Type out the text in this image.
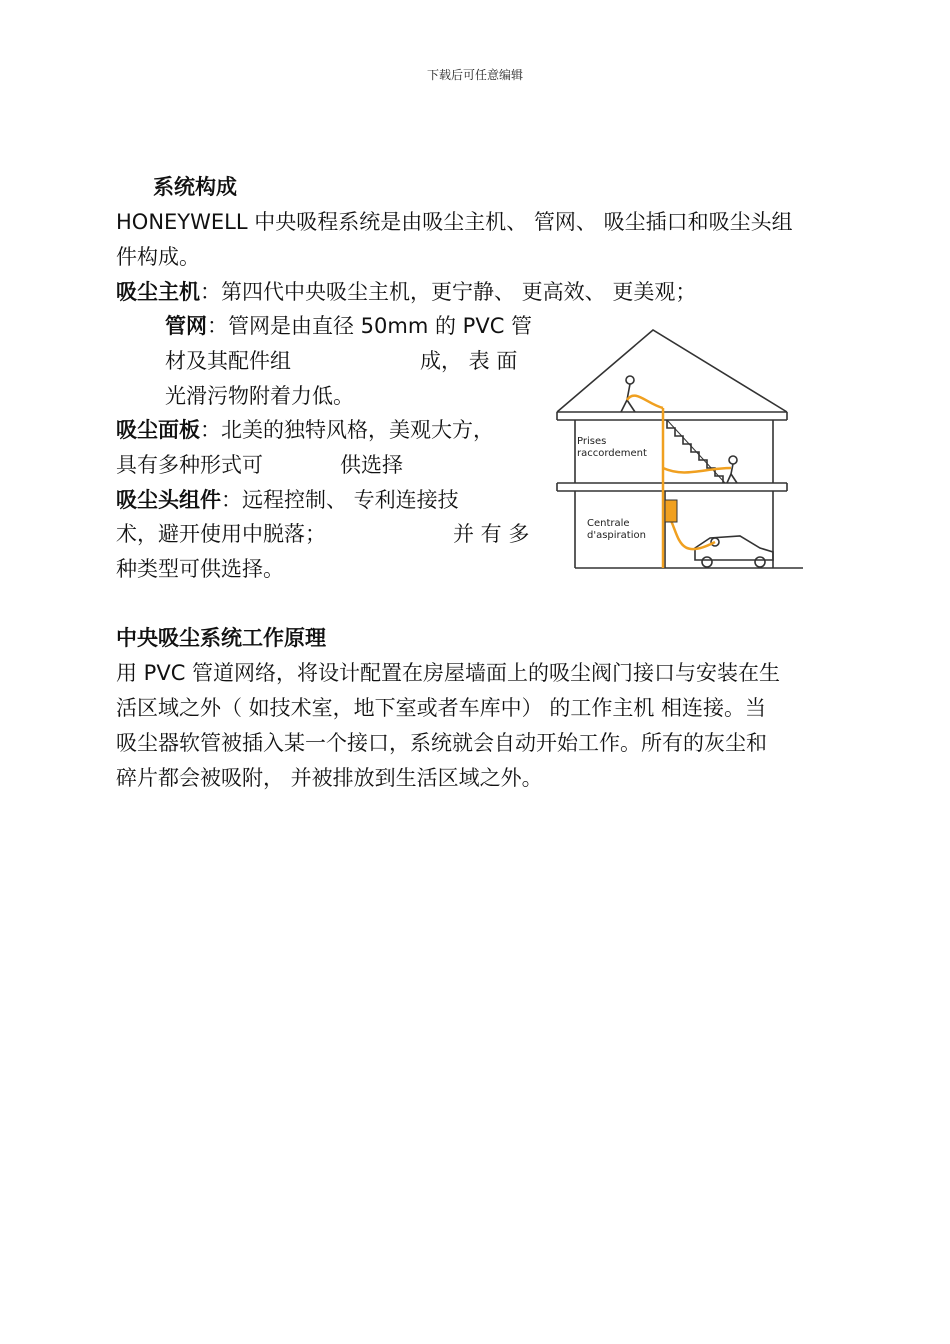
下载后可任意编辑
系统构成
HONEYWELL 中央吸程系统是由吸尘主机、 管网、 吸尘插口和吸尘头组
件构成。
吸尘主机：第四代中央吸尘主机，更宁静、 更高效、 更美观；
管网：管网是由直径 50mm 的 PVC 管
材及其配件组	成， 表 面
光滑污物附着力低。
吸尘面板：北美的独特风格，美观大方，
具有多种形式可	供选择
吸尘头组件：远程控制、 专利连接技
术，避开使用中脱落；	并 有 多
种类型可供选择。
Prises
raccordement
Centrale
d'aspiration
中央吸尘系统工作原理
用 PVC 管道网络，将设计配置在房屋墙面上的吸尘阀门接口与安装在生
活区域之外（ 如技术室，地下室或者车库中） 的工作主机 相连接。当
吸尘器软管被插入某一个接口，系统就会自动开始工作。所有的灰尘和
碎片都会被吸附， 并被排放到生活区域之外。
